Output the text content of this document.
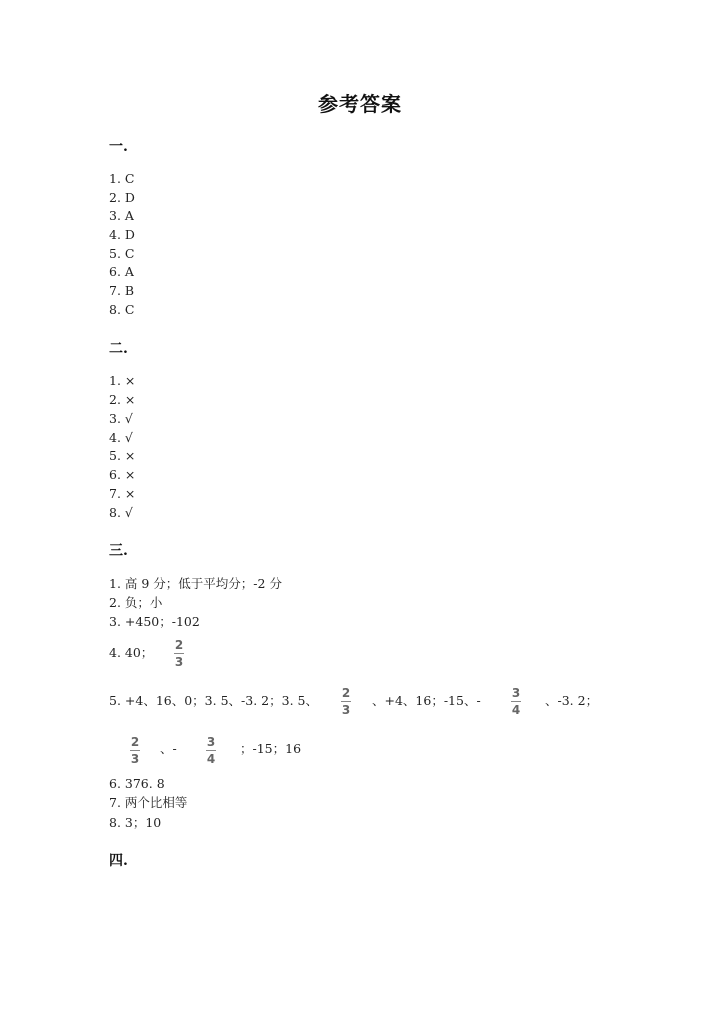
参考答案
一.
1. C
2. D
3. A
4. D
5. C
6. A
7. B
8. C
二.
1. ×
2. ×
3. √
4. √
5. ×
6. ×
7. ×
8. √
三.
1. 高 9 分；低于平均分；-2 分
2. 负；小
3. +450；-102
4. 40； 2
3
5. +4、16、0；3. 5、-3. 2；3. 5、 2
3
、+4、16；-15、-	3
4
、-3. 2；
2
3
、-	3
4
；-15；16
6. 376. 8
7. 两个比相等
8. 3；10
四.
